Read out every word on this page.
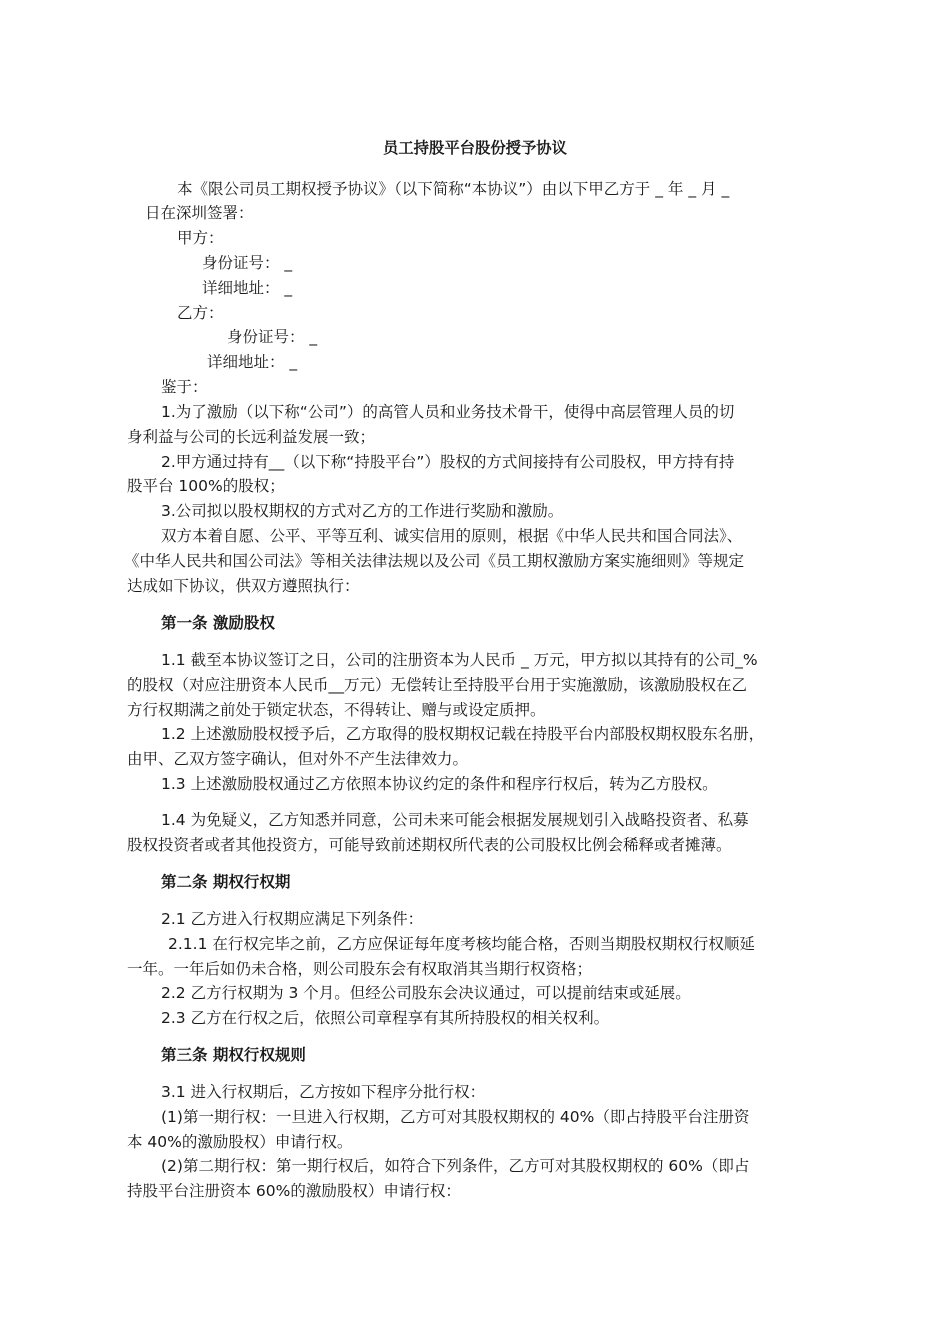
员工持股平台股份授予协议
本《限公司员工期权授予协议》（以下简称“本协议”）由以下甲乙方于 _ 年 _ 月 _
日在深圳签署：
甲方：
身份证号： _
详细地址： _
乙方：
身份证号： _
详细地址： _
鉴于：
1.为了激励（以下称“公司”）的高管人员和业务技术骨干，使得中高层管理人员的切
身利益与公司的长远利益发展一致；
2.甲方通过持有__（以下称“持股平台”）股权的方式间接持有公司股权，甲方持有持
股平台 100%的股权；
3.公司拟以股权期权的方式对乙方的工作进行奖励和激励。
双方本着自愿、公平、平等互利、诚实信用的原则，根据《中华人民共和国合同法》、
《中华人民共和国公司法》等相关法律法规以及公司《员工期权激励方案实施细则》等规定
达成如下协议，供双方遵照执行：
第一条 激励股权
1.1 截至本协议签订之日，公司的注册资本为人民币 _ 万元，甲方拟以其持有的公司_%
的股权（对应注册资本人民币__万元）无偿转让至持股平台用于实施激励，该激励股权在乙
方行权期满之前处于锁定状态，不得转让、赠与或设定质押。
1.2 上述激励股权授予后，乙方取得的股权期权记载在持股平台内部股权期权股东名册，
由甲、乙双方签字确认，但对外不产生法律效力。
1.3 上述激励股权通过乙方依照本协议约定的条件和程序行权后，转为乙方股权。
1.4 为免疑义，乙方知悉并同意，公司未来可能会根据发展规划引入战略投资者、私募
股权投资者或者其他投资方，可能导致前述期权所代表的公司股权比例会稀释或者摊薄。
第二条 期权行权期
2.1 乙方进入行权期应满足下列条件：
2.1.1 在行权完毕之前，乙方应保证每年度考核均能合格，否则当期股权期权行权顺延
一年。一年后如仍未合格，则公司股东会有权取消其当期行权资格；
2.2 乙方行权期为 3 个月。但经公司股东会决议通过，可以提前结束或延展。
2.3 乙方在行权之后，依照公司章程享有其所持股权的相关权利。
第三条 期权行权规则
3.1 进入行权期后，乙方按如下程序分批行权：
(1)第一期行权：一旦进入行权期，乙方可对其股权期权的 40%（即占持股平台注册资
本 40%的激励股权）申请行权。
(2)第二期行权：第一期行权后，如符合下列条件，乙方可对其股权期权的 60%（即占
持股平台注册资本 60%的激励股权）申请行权：
